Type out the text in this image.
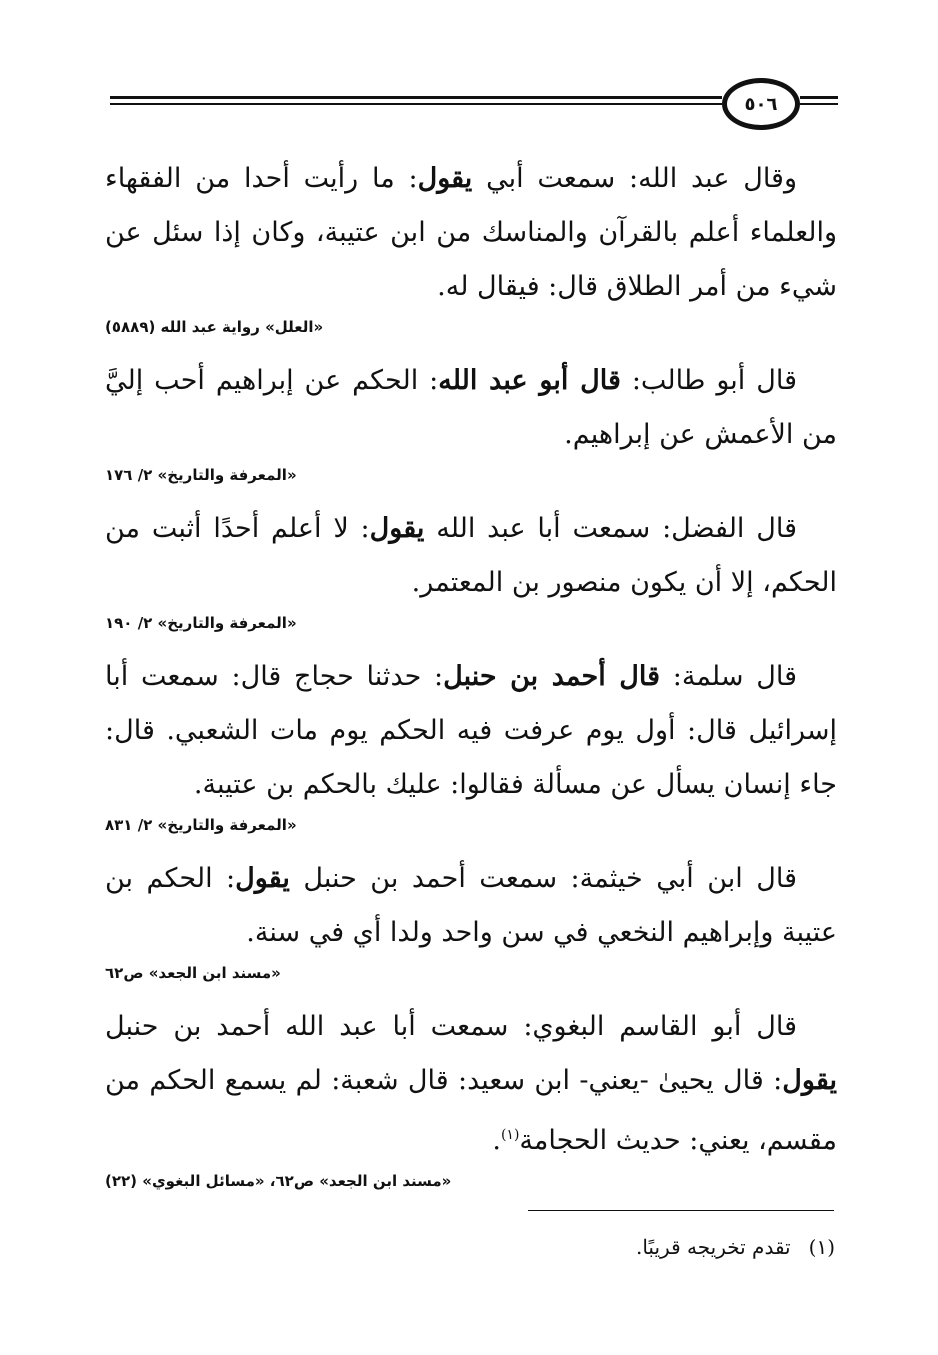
٥٠٦

وقال عبد الله: سمعت أبي يقول: ما رأيت أحدا من الفقهاء والعلماء أعلم بالقرآن والمناسك من ابن عتيبة، وكان إذا سئل عن شيء من أمر الطلاق قال: فيقال له.

«العلل» رواية عبد الله (٥٨٨٩)

قال أبو طالب: قال أبو عبد الله: الحكم عن إبراهيم أحب إليَّ من الأعمش عن إبراهيم.

«المعرفة والتاريخ» ٢/ ١٧٦

قال الفضل: سمعت أبا عبد الله يقول: لا أعلم أحدًا أثبت من الحكم، إلا أن يكون منصور بن المعتمر.

«المعرفة والتاريخ» ٢/ ١٩٠

قال سلمة: قال أحمد بن حنبل: حدثنا حجاج قال: سمعت أبا إسرائيل قال: أول يوم عرفت فيه الحكم يوم مات الشعبي. قال: جاء إنسان يسأل عن مسألة فقالوا: عليك بالحكم بن عتيبة.

«المعرفة والتاريخ» ٢/ ٨٣١

قال ابن أبي خيثمة: سمعت أحمد بن حنبل يقول: الحكم بن عتيبة وإبراهيم النخعي في سن واحد ولدا أي في سنة.

«مسند ابن الجعد» ص٦٢

قال أبو القاسم البغوي: سمعت أبا عبد الله أحمد بن حنبل يقول: قال يحيىٰ -يعني- ابن سعيد: قال شعبة: لم يسمع الحكم من مقسم، يعني: حديث الحجامة$^{(١)}$.

«مسند ابن الجعد» ص٦٢، «مسائل البغوي» (٢٢)
(١)تقدم تخريجه قريبًا.
